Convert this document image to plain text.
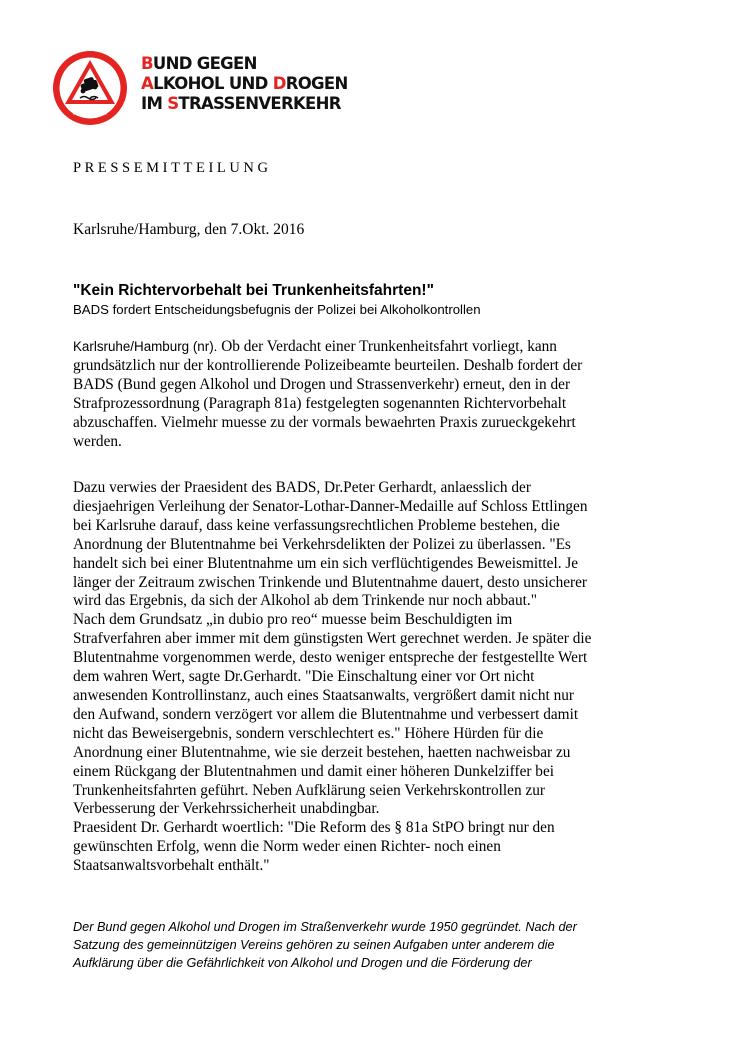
B.A.D.S.
BUND GEGEN
ALKOHOL UND DROGEN
IM STRASSENVERKEHR
PRESSEMITTEILUNG
Karlsruhe/Hamburg, den 7.Okt. 2016
"Kein Richtervorbehalt bei Trunkenheitsfahrten!"
BADS fordert Entscheidungsbefugnis der Polizei bei Alkoholkontrollen
Karlsruhe/Hamburg (nr). Ob der Verdacht einer Trunkenheitsfahrt vorliegt, kann
grundsätzlich nur der kontrollierende Polizeibeamte beurteilen. Deshalb fordert der
BADS (Bund gegen Alkohol und Drogen und Strassenverkehr) erneut, den in der
Strafprozessordnung (Paragraph 81a) festgelegten sogenannten Richtervorbehalt
abzuschaffen. Vielmehr muesse zu der vormals bewaehrten Praxis zurueckgekehrt
werden.
Dazu verwies der Praesident des BADS, Dr.Peter Gerhardt, anlaesslich der
diesjaehrigen Verleihung der Senator-Lothar-Danner-Medaille auf Schloss Ettlingen
bei Karlsruhe darauf, dass keine verfassungsrechtlichen Probleme bestehen, die
Anordnung der Blutentnahme bei Verkehrsdelikten der Polizei zu überlassen. "Es
handelt sich bei einer Blutentnahme um ein sich verflüchtigendes Beweismittel. Je
länger der Zeitraum zwischen Trinkende und Blutentnahme dauert, desto unsicherer
wird das Ergebnis, da sich der Alkohol ab dem Trinkende nur noch abbaut."
Nach dem Grundsatz „in dubio pro reo“ muesse beim Beschuldigten im
Strafverfahren aber immer mit dem günstigsten Wert gerechnet werden. Je später die
Blutentnahme vorgenommen werde, desto weniger entspreche der festgestellte Wert
dem wahren Wert, sagte Dr.Gerhardt. "Die Einschaltung einer vor Ort nicht
anwesenden Kontrollinstanz, auch eines Staatsanwalts, vergrößert damit nicht nur
den Aufwand, sondern verzögert vor allem die Blutentnahme und verbessert damit
nicht das Beweisergebnis, sondern verschlechtert es." Höhere Hürden für die
Anordnung einer Blutentnahme, wie sie derzeit bestehen, haetten nachweisbar zu
einem Rückgang der Blutentnahmen und damit einer höheren Dunkelziffer bei
Trunkenheitsfahrten geführt. Neben Aufklärung seien Verkehrskontrollen zur
Verbesserung der Verkehrssicherheit unabdingbar.
Praesident Dr. Gerhardt woertlich: "Die Reform des § 81a StPO bringt nur den
gewünschten Erfolg, wenn die Norm weder einen Richter- noch einen
Staatsanwaltsvorbehalt enthält."
Der Bund gegen Alkohol und Drogen im Straßenverkehr wurde 1950 gegründet. Nach der
Satzung des gemeinnützigen Vereins gehören zu seinen Aufgaben unter anderem die
Aufklärung über die Gefährlichkeit von Alkohol und Drogen und die Förderung der
